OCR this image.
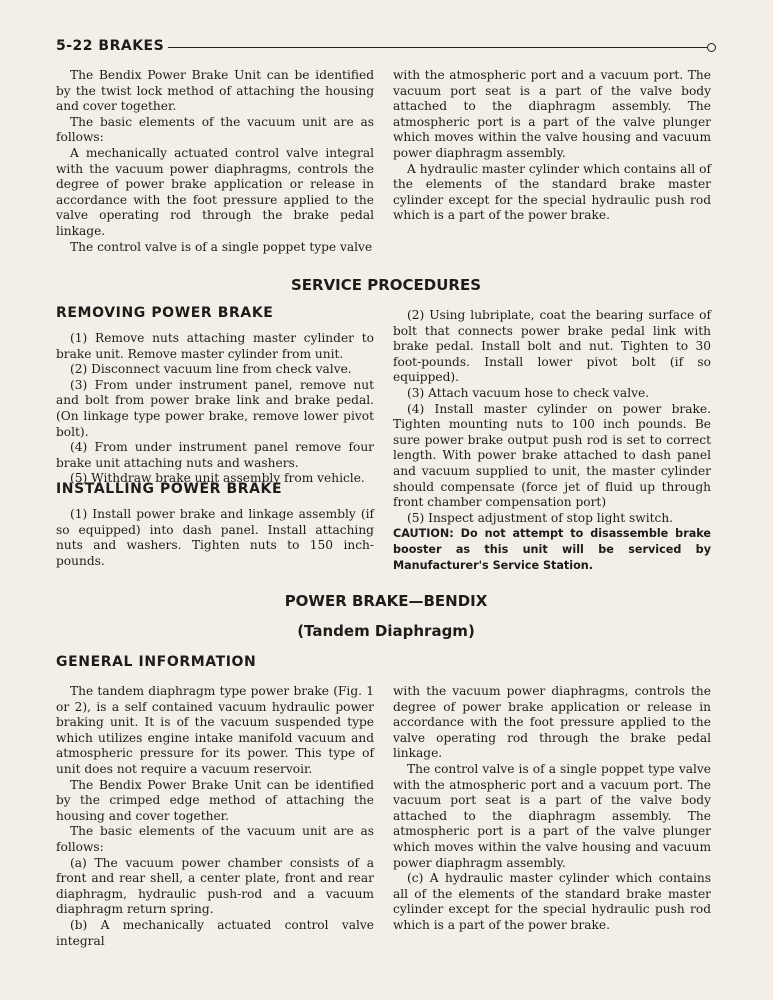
5-22 BRAKES

The Bendix Power Brake Unit can be identified by the twist lock method of attaching the housing and cover together.

The basic elements of the vacuum unit are as follows:

A mechanically actuated control valve integral with the vacuum power diaphragms, controls the degree of power brake application or release in accordance with the foot pressure applied to the valve operating rod through the brake pedal linkage.

The control valve is of a single poppet type valve

with the atmospheric port and a vacuum port. The vacuum port seat is a part of the valve body attached to the diaphragm assembly. The atmospheric port is a part of the valve plunger which moves within the valve housing and vacuum power diaphragm assembly.

A hydraulic master cylinder which contains all of the elements of the standard brake master cylinder except for the special hydraulic push rod which is a part of the power brake.

SERVICE PROCEDURES
REMOVING POWER BRAKE

(1) Remove nuts attaching master cylinder to brake unit. Remove master cylinder from unit.

(2) Disconnect vacuum line from check valve.

(3) From under instrument panel, remove nut and bolt from power brake link and brake pedal. (On linkage type power brake, remove lower pivot bolt).

(4) From under instrument panel remove four brake unit attaching nuts and washers.

(5) Withdraw brake unit assembly from vehicle.

INSTALLING POWER BRAKE

(1) Install power brake and linkage assembly (if so equipped) into dash panel. Install attaching nuts and washers. Tighten nuts to 150 inch-pounds.

(2) Using lubriplate, coat the bearing surface of bolt that connects power brake pedal link with brake pedal. Install bolt and nut. Tighten to 30 foot-pounds. Install lower pivot bolt (if so equipped).

(3) Attach vacuum hose to check valve.

(4) Install master cylinder on power brake. Tighten mounting nuts to 100 inch pounds. Be sure power brake output push rod is set to correct length. With power brake attached to dash panel and vacuum supplied to unit, the master cylinder should compensate (force jet of fluid up through front chamber compensation port)

(5) Inspect adjustment of stop light switch.

CAUTION: Do not attempt to disassemble brake booster as this unit will be serviced by Manufacturer's Service Station.

POWER BRAKE—BENDIX
(Tandem Diaphragm)
GENERAL INFORMATION

The tandem diaphragm type power brake (Fig. 1 or 2), is a self contained vacuum hydraulic power braking unit. It is of the vacuum suspended type which utilizes engine intake manifold vacuum and atmospheric pressure for its power. This type of unit does not require a vacuum reservoir.

The Bendix Power Brake Unit can be identified by the crimped edge method of attaching the housing and cover together.

The basic elements of the vacuum unit are as follows:

(a) The vacuum power chamber consists of a front and rear shell, a center plate, front and rear diaphragm, hydraulic push-rod and a vacuum diaphragm return spring.

(b) A mechanically actuated control valve integral

with the vacuum power diaphragms, controls the degree of power brake application or release in accordance with the foot pressure applied to the valve operating rod through the brake pedal linkage.

The control valve is of a single poppet type valve with the atmospheric port and a vacuum port. The vacuum port seat is a part of the valve body attached to the diaphragm assembly. The atmospheric port is a part of the valve plunger which moves within the valve housing and vacuum power diaphragm assembly.

(c) A hydraulic master cylinder which contains all of the elements of the standard brake master cylinder except for the special hydraulic push rod which is a part of the power brake.
